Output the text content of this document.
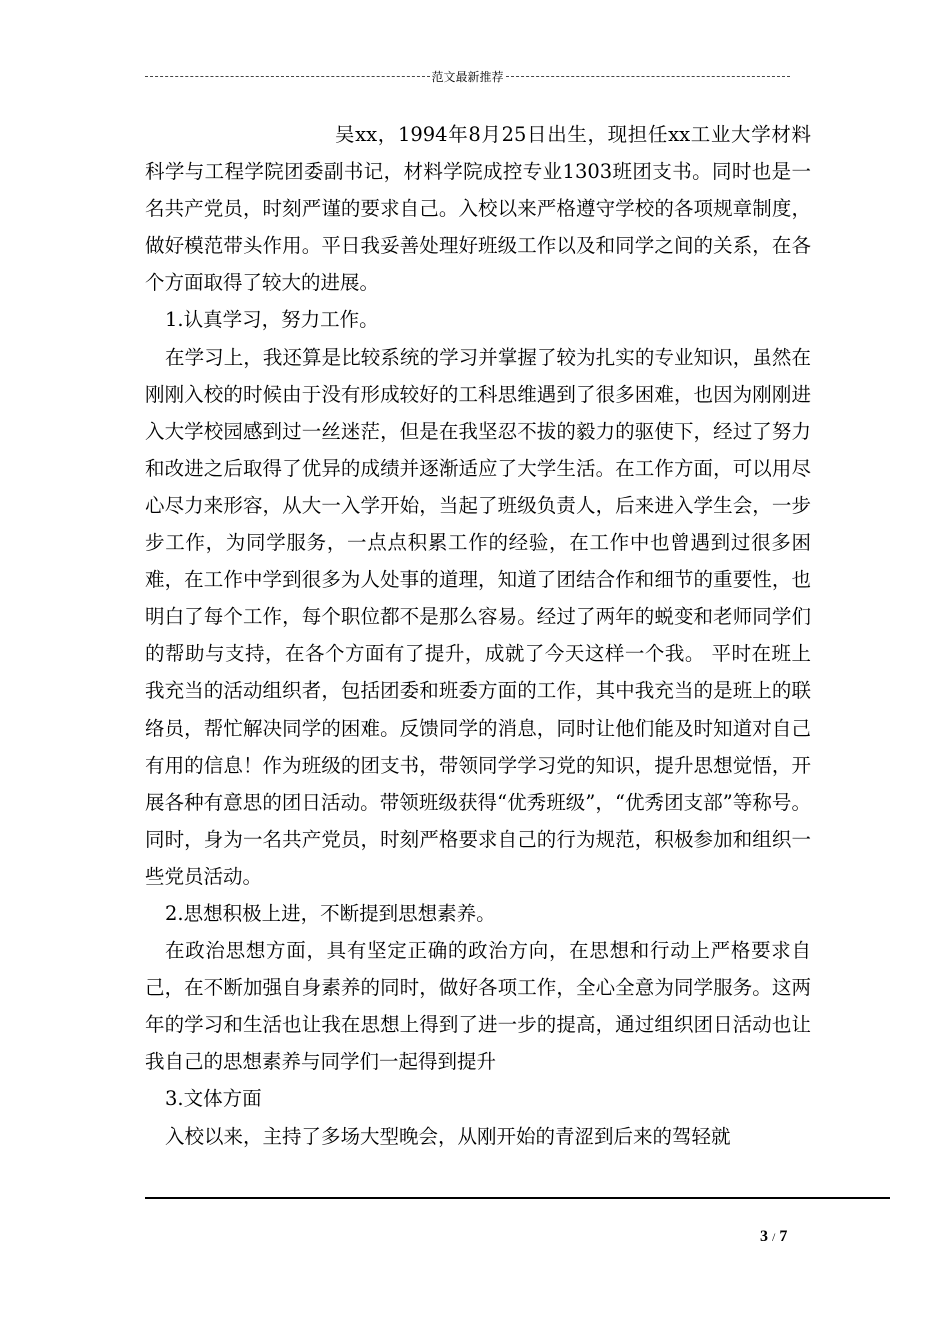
范文最新推荐

吴xx，1994年8月25日出生，现担任xx工业大学材料科学与工程学院团委副书记，材料学院成控专业1303班团支书。同时也是一名共产党员，时刻严谨的要求自己。入校以来严格遵守学校的各项规章制度，做好模范带头作用。平日我妥善处理好班级工作以及和同学之间的关系，在各个方面取得了较大的进展。

1.认真学习，努力工作。

在学习上，我还算是比较系统的学习并掌握了较为扎实的专业知识，虽然在刚刚入校的时候由于没有形成较好的工科思维遇到了很多困难，也因为刚刚进入大学校园感到过一丝迷茫，但是在我坚忍不拔的毅力的驱使下，经过了努力和改进之后取得了优异的成绩并逐渐适应了大学生活。在工作方面，可以用尽心尽力来形容，从大一入学开始，当起了班级负责人，后来进入学生会，一步步工作，为同学服务，一点点积累工作的经验，在工作中也曾遇到过很多困难，在工作中学到很多为人处事的道理，知道了团结合作和细节的重要性，也明白了每个工作，每个职位都不是那么容易。经过了两年的蜕变和老师同学们的帮助与支持，在各个方面有了提升，成就了今天这样一个我。 平时在班上我充当的活动组织者，包括团委和班委方面的工作，其中我充当的是班上的联络员，帮忙解决同学的困难。反馈同学的消息，同时让他们能及时知道对自己有用的信息！作为班级的团支书，带领同学学习党的知识，提升思想觉悟，开展各种有意思的团日活动。带领班级获得“优秀班级”，“优秀团支部”等称号。同时，身为一名共产党员，时刻严格要求自己的行为规范，积极参加和组织一些党员活动。

2.思想积极上进，不断提到思想素养。

在政治思想方面，具有坚定正确的政治方向，在思想和行动上严格要求自己，在不断加强自身素养的同时，做好各项工作，全心全意为同学服务。这两年的学习和生活也让我在思想上得到了进一步的提高，通过组织团日活动也让我自己的思想素养与同学们一起得到提升

3.文体方面

入校以来，主持了多场大型晚会，从刚开始的青涩到后来的驾轻就

3 / 7
